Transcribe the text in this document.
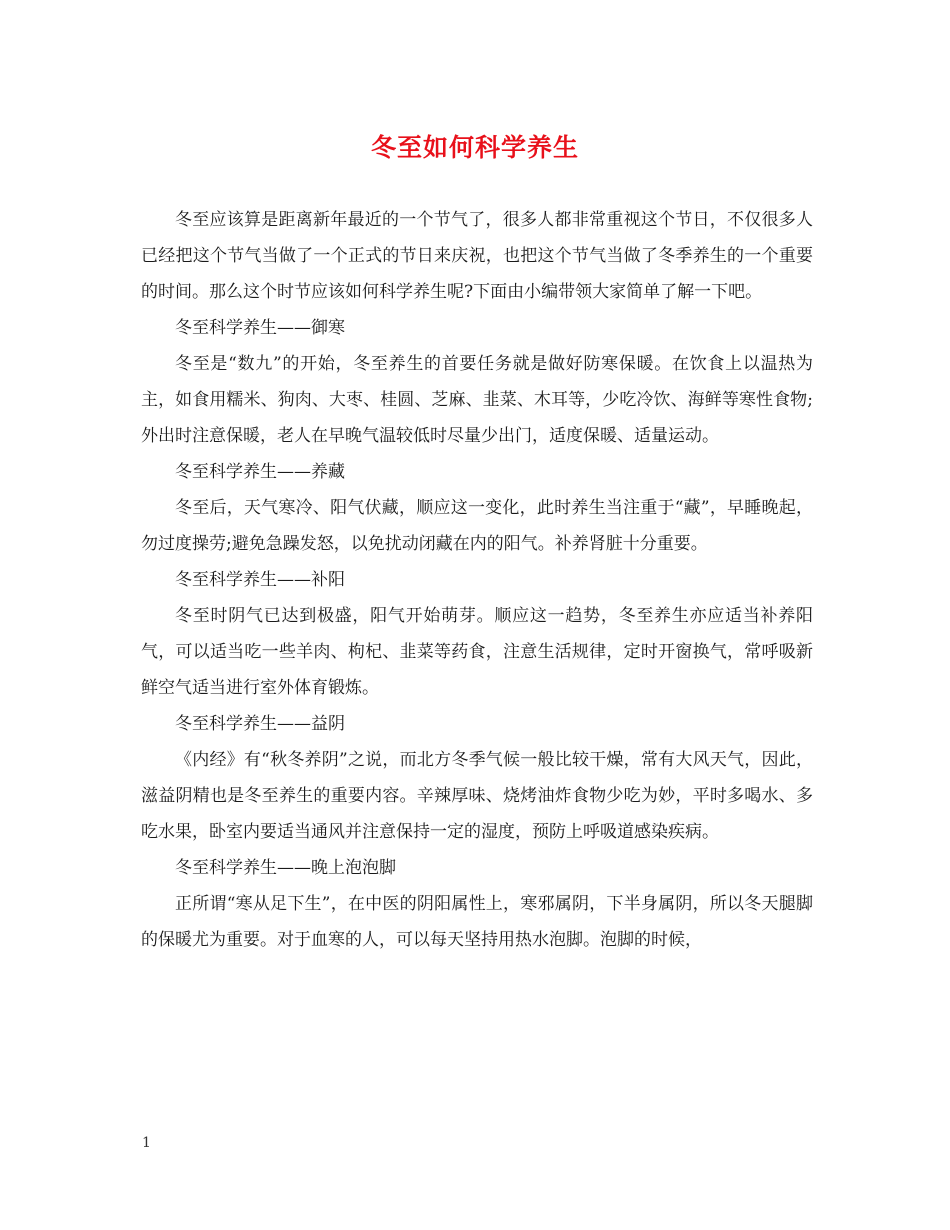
冬至如何科学养生

冬至应该算是距离新年最近的一个节气了，很多人都非常重视这个节日，不仅很多人已经把这个节气当做了一个正式的节日来庆祝，也把这个节气当做了冬季养生的一个重要的时间。那么这个时节应该如何科学养生呢?下面由小编带领大家简单了解一下吧。

冬至科学养生——御寒

冬至是“数九”的开始，冬至养生的首要任务就是做好防寒保暖。在饮食上以温热为主，如食用糯米、狗肉、大枣、桂圆、芝麻、韭菜、木耳等，少吃冷饮、海鲜等寒性食物;外出时注意保暖，老人在早晚气温较低时尽量少出门，适度保暖、适量运动。

冬至科学养生——养藏

冬至后，天气寒冷、阳气伏藏，顺应这一变化，此时养生当注重于“藏”，早睡晚起，勿过度操劳;避免急躁发怒，以免扰动闭藏在内的阳气。补养肾脏十分重要。

冬至科学养生——补阳

冬至时阴气已达到极盛，阳气开始萌芽。顺应这一趋势，冬至养生亦应适当补养阳气，可以适当吃一些羊肉、枸杞、韭菜等药食，注意生活规律，定时开窗换气，常呼吸新鲜空气适当进行室外体育锻炼。

冬至科学养生——益阴

《内经》有“秋冬养阴”之说，而北方冬季气候一般比较干燥，常有大风天气，因此，滋益阴精也是冬至养生的重要内容。辛辣厚味、烧烤油炸食物少吃为妙，平时多喝水、多吃水果，卧室内要适当通风并注意保持一定的湿度，预防上呼吸道感染疾病。

冬至科学养生——晚上泡泡脚

正所谓“寒从足下生”，在中医的阴阳属性上，寒邪属阴，下半身属阴，所以冬天腿脚的保暖尤为重要。对于血寒的人，可以每天坚持用热水泡脚。泡脚的时候，

1
